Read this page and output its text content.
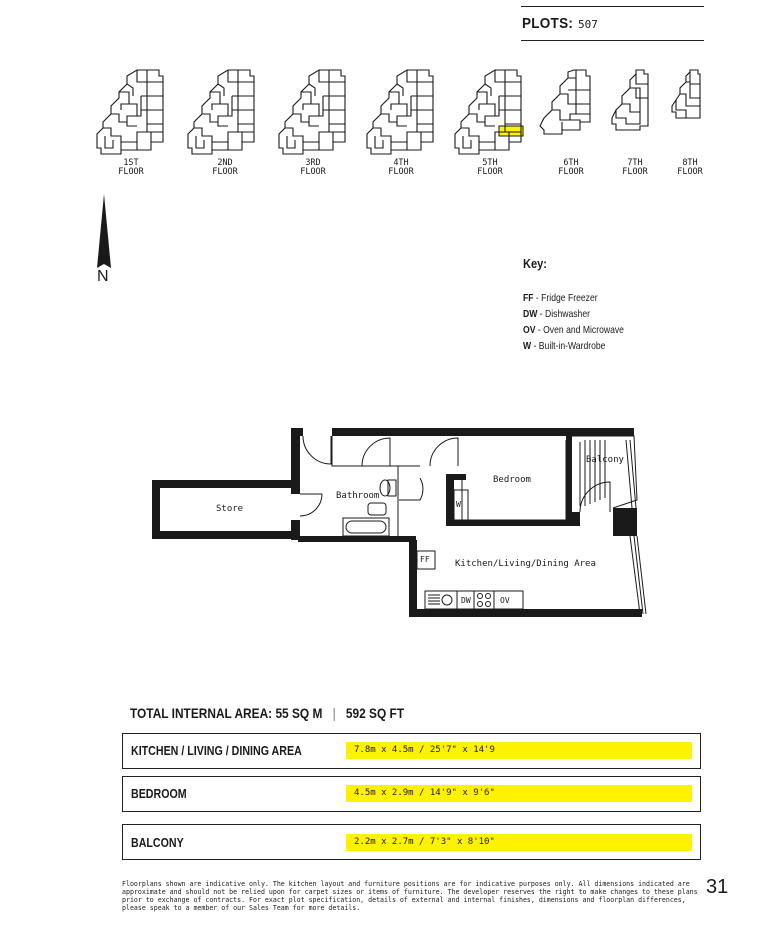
PLOTS: 507
1ST
FLOOR
2ND
FLOOR
3RD
FLOOR
4TH
FLOOR
5TH
FLOOR
6TH
FLOOR
7TH
FLOOR
8TH
FLOOR
N
Key:
FF - Fridge Freezer
DW - Dishwasher
OV - Oven and Microwave
W - Built-in-Wardrobe
Store
Bathroom
Bedroom
Balcony
Kitchen/Living/Dining Area
FF
W
DW	OV
TOTAL INTERNAL AREA: 55 SQ M | 592 SQ FT
KITCHEN / LIVING / DINING AREA	7.8m x 4.5m / 25'7" x 14'9
BEDROOM	4.5m x 2.9m / 14'9" x 9'6"
BALCONY	2.2m x 2.7m / 7'3" x 8'10"
Floorplans shown are indicative only. The kitchen layout and furniture positions are for indicative purposes only. All dimensions indicated are approximate and should not be relied upon for carpet sizes or items of furniture. The developer reserves the right to make changes to these plans prior to exchange of contracts. For exact plot specification, details of external and internal finishes, dimensions and floorplan differences, please speak to a member of our Sales Team for more details.
31
